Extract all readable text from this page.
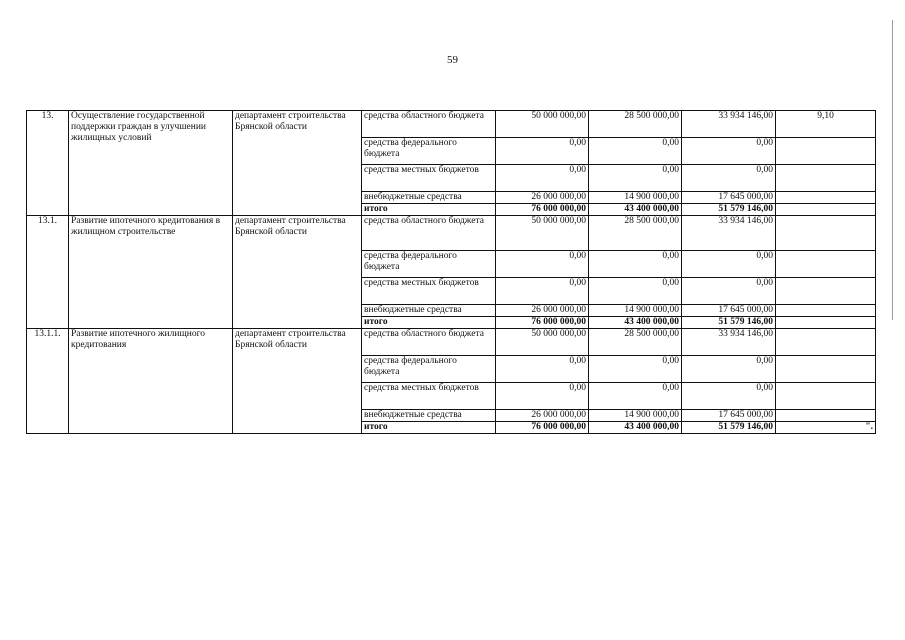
59
13.	Осуществление государственной поддержки граждан в улучшении жилищных условий	департамент строительства Брянской области	средства областного бюджета	50 000 000,00	28 500 000,00	33 934 146,00	9,10
			средства федерального бюджета	0,00	0,00	0,00	
			средства местных бюджетов	0,00	0,00	0,00	
			внебюджетные средства	26 000 000,00	14 900 000,00	17 645 000,00	
			итого	76 000 000,00	43 400 000,00	51 579 146,00	
13.1.	Развитие ипотечного кредитования в жилищном строительстве	департамент строительства Брянской области	средства областного бюджета	50 000 000,00	28 500 000,00	33 934 146,00	
			средства федерального бюджета	0,00	0,00	0,00	
			средства местных бюджетов	0,00	0,00	0,00	
			внебюджетные средства	26 000 000,00	14 900 000,00	17 645 000,00	
			итого	76 000 000,00	43 400 000,00	51 579 146,00	
13.1.1.	Развитие ипотечного жилищного кредитования	департамент строительства Брянской области	средства областного бюджета	50 000 000,00	28 500 000,00	33 934 146,00	
			средства федерального бюджета	0,00	0,00	0,00	
			средства местных бюджетов	0,00	0,00	0,00	
			внебюджетные средства	26 000 000,00	14 900 000,00	17 645 000,00	
			итого	76 000 000,00	43 400 000,00	51 579 146,00	".
